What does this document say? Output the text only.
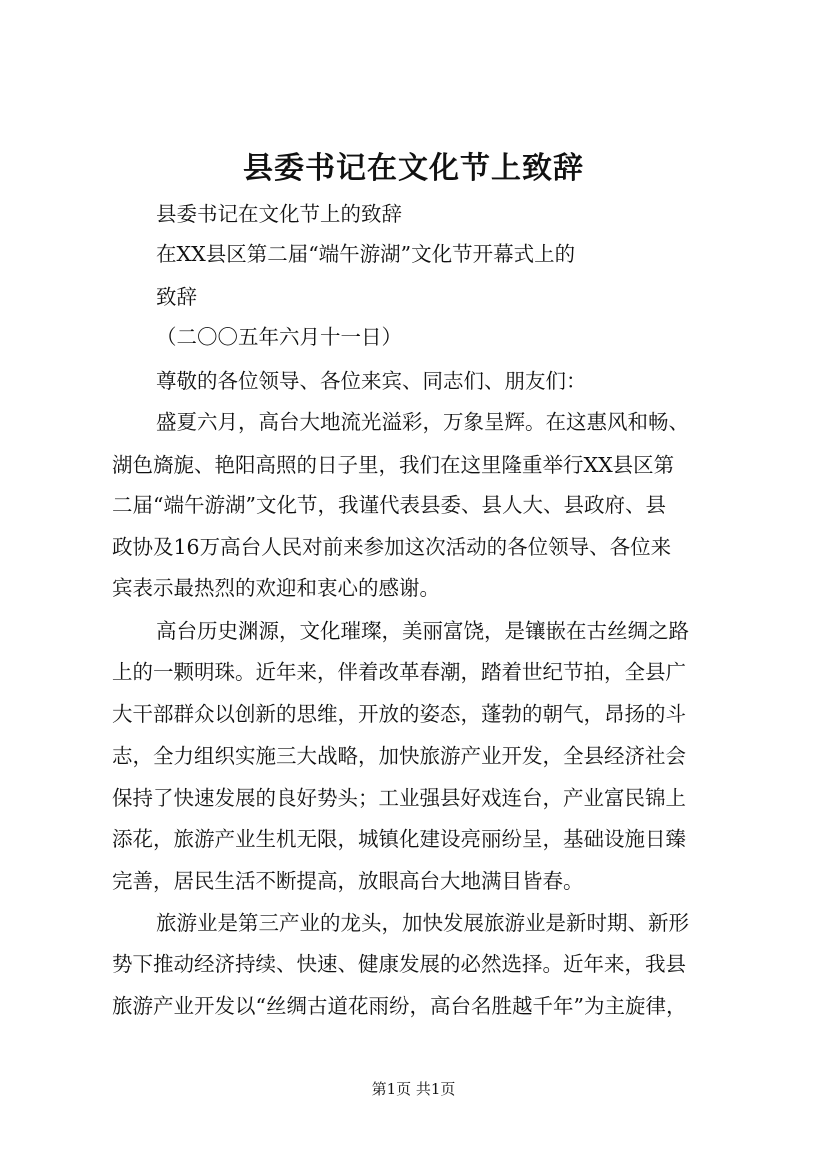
县委书记在文化节上致辞
县委书记在文化节上的致辞
在XX县区第二届“端午游湖”文化节开幕式上的
致辞
（二〇〇五年六月十一日）
尊敬的各位领导、各位来宾、同志们、朋友们：
盛夏六月，高台大地流光溢彩，万象呈辉。在这惠风和畅、
湖色旖旎、艳阳高照的日子里，我们在这里隆重举行XX县区第
二届“端午游湖”文化节，我谨代表县委、县人大、县政府、县
政协及16万高台人民对前来参加这次活动的各位领导、各位来
宾表示最热烈的欢迎和衷心的感谢。
高台历史渊源，文化璀璨，美丽富饶，是镶嵌在古丝绸之路
上的一颗明珠。近年来，伴着改革春潮，踏着世纪节拍，全县广
大干部群众以创新的思维，开放的姿态，蓬勃的朝气，昂扬的斗
志，全力组织实施三大战略，加快旅游产业开发，全县经济社会
保持了快速发展的良好势头；工业强县好戏连台，产业富民锦上
添花，旅游产业生机无限，城镇化建设亮丽纷呈，基础设施日臻
完善，居民生活不断提高，放眼高台大地满目皆春。
旅游业是第三产业的龙头，加快发展旅游业是新时期、新形
势下推动经济持续、快速、健康发展的必然选择。近年来，我县
旅游产业开发以“丝绸古道花雨纷，高台名胜越千年”为主旋律，
第1页 共1页
